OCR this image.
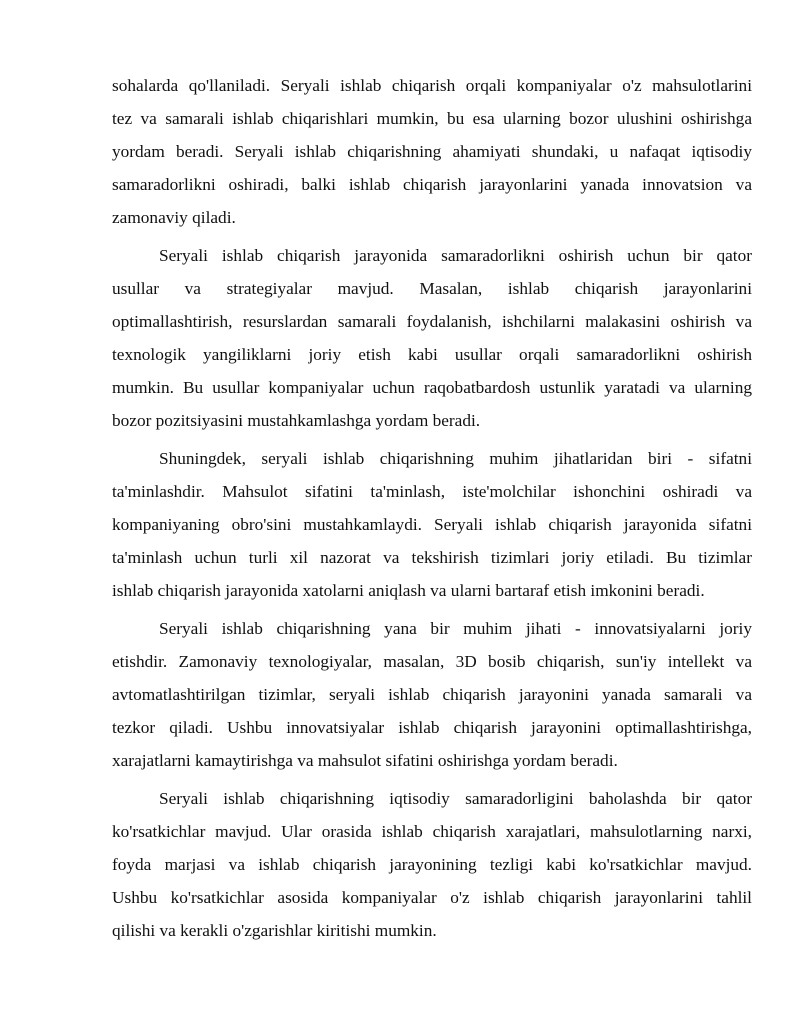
sohalarda qo'llaniladi. Seryali ishlab chiqarish orqali kompaniyalar o'z mahsulotlarini
tez va samarali ishlab chiqarishlari mumkin, bu esa ularning bozor ulushini oshirishga
yordam beradi. Seryali ishlab chiqarishning ahamiyati shundaki, u nafaqat iqtisodiy
samaradorlikni oshiradi, balki ishlab chiqarish jarayonlarini yanada innovatsion va
zamonaviy qiladi.
Seryali ishlab chiqarish jarayonida samaradorlikni oshirish uchun bir qator
usullar va strategiyalar mavjud. Masalan, ishlab chiqarish jarayonlarini
optimallashtirish, resurslardan samarali foydalanish, ishchilarni malakasini oshirish va
texnologik yangiliklarni joriy etish kabi usullar orqali samaradorlikni oshirish
mumkin. Bu usullar kompaniyalar uchun raqobatbardosh ustunlik yaratadi va ularning
bozor pozitsiyasini mustahkamlashga yordam beradi.
Shuningdek, seryali ishlab chiqarishning muhim jihatlaridan biri - sifatni
ta'minlashdir. Mahsulot sifatini ta'minlash, iste'molchilar ishonchini oshiradi va
kompaniyaning obro'sini mustahkamlaydi. Seryali ishlab chiqarish jarayonida sifatni
ta'minlash uchun turli xil nazorat va tekshirish tizimlari joriy etiladi. Bu tizimlar
ishlab chiqarish jarayonida xatolarni aniqlash va ularni bartaraf etish imkonini beradi.
Seryali ishlab chiqarishning yana bir muhim jihati - innovatsiyalarni joriy
etishdir. Zamonaviy texnologiyalar, masalan, 3D bosib chiqarish, sun'iy intellekt va
avtomatlashtirilgan tizimlar, seryali ishlab chiqarish jarayonini yanada samarali va
tezkor qiladi. Ushbu innovatsiyalar ishlab chiqarish jarayonini optimallashtirishga,
xarajatlarni kamaytirishga va mahsulot sifatini oshirishga yordam beradi.
Seryali ishlab chiqarishning iqtisodiy samaradorligini baholashda bir qator
ko'rsatkichlar mavjud. Ular orasida ishlab chiqarish xarajatlari, mahsulotlarning narxi,
foyda marjasi va ishlab chiqarish jarayonining tezligi kabi ko'rsatkichlar mavjud.
Ushbu ko'rsatkichlar asosida kompaniyalar o'z ishlab chiqarish jarayonlarini tahlil
qilishi va kerakli o'zgarishlar kiritishi mumkin.
